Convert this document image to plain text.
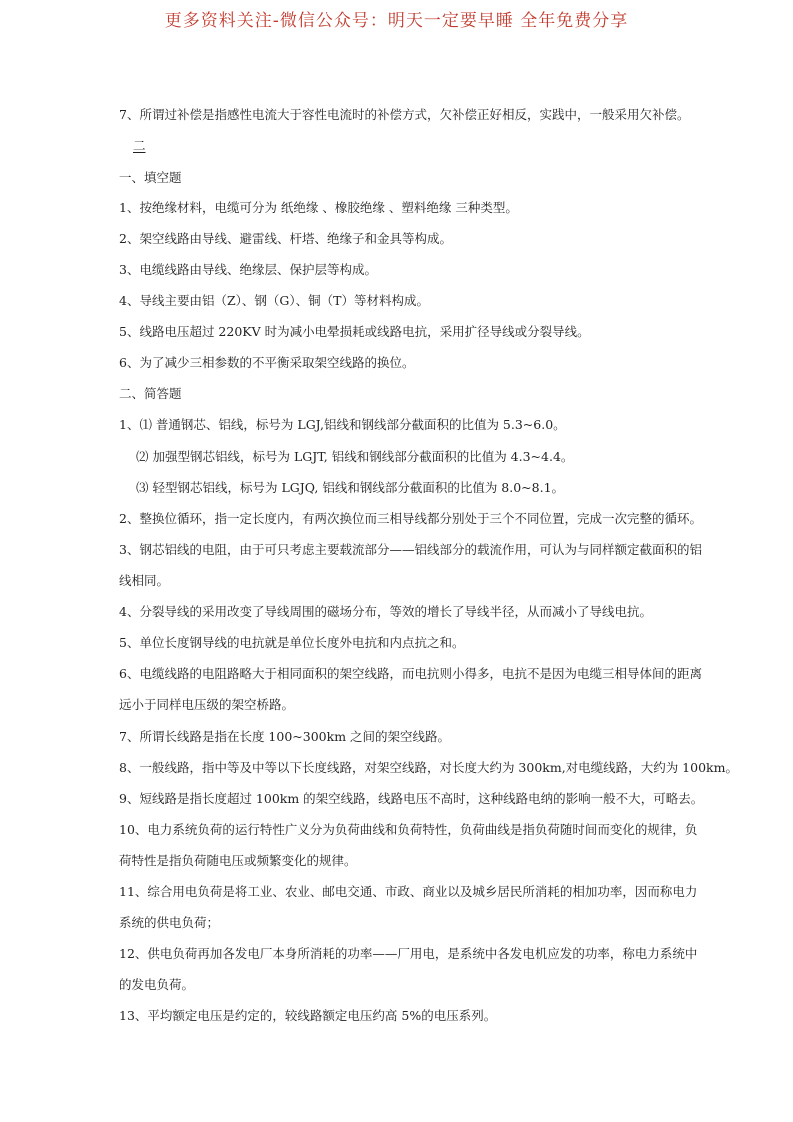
更多资料关注-微信公众号：明天一定要早睡 全年免费分享
7、所谓过补偿是指感性电流大于容性电流时的补偿方式，欠补偿正好相反，实践中，一般采用欠补偿。
二
一、填空题
1、按绝缘材料，电缆可分为 纸绝缘 、橡胶绝缘 、塑料绝缘 三种类型。
2、架空线路由导线、避雷线、杆塔、绝缘子和金具等构成。
3、电缆线路由导线、绝缘层、保护层等构成。
4、导线主要由铝（Z）、钢（G）、铜（T）等材料构成。
5、线路电压超过 220KV 时为减小电晕损耗或线路电抗，采用扩径导线或分裂导线。
6、为了减少三相参数的不平衡采取架空线路的换位。
二、简答题
1、⑴ 普通钢芯、铝线，标号为 LGJ,铝线和钢线部分截面积的比值为 5.3~6.0。
⑵ 加强型钢芯铝线，标号为 LGJT, 铝线和钢线部分截面积的比值为 4.3~4.4。
⑶ 轻型钢芯铝线，标号为 LGJQ, 铝线和钢线部分截面积的比值为 8.0~8.1。
2、整换位循环，指一定长度内，有两次换位而三相导线都分别处于三个不同位置，完成一次完整的循环。
3、钢芯铝线的电阻，由于可只考虑主要载流部分——铝线部分的载流作用，可认为与同样额定截面积的铝
线相同。
4、分裂导线的采用改变了导线周围的磁场分布，等效的增长了导线半径，从而减小了导线电抗。
5、单位长度钢导线的电抗就是单位长度外电抗和内点抗之和。
6、电缆线路的电阻路略大于相同面积的架空线路，而电抗则小得多，电抗不是因为电缆三相导体间的距离
远小于同样电压级的架空桥路。
7、所谓长线路是指在长度 100~300km 之间的架空线路。
8、一般线路，指中等及中等以下长度线路，对架空线路，对长度大约为 300km,对电缆线路，大约为 100km。
9、短线路是指长度超过 100km 的架空线路，线路电压不高时，这种线路电纳的影响一般不大，可略去。
10、电力系统负荷的运行特性广义分为负荷曲线和负荷特性，负荷曲线是指负荷随时间而变化的规律，负
荷特性是指负荷随电压或频繁变化的规律。
11、综合用电负荷是将工业、农业、邮电交通、市政、商业以及城乡居民所消耗的相加功率，因而称电力
系统的供电负荷；
12、供电负荷再加各发电厂本身所消耗的功率——厂用电，是系统中各发电机应发的功率，称电力系统中
的发电负荷。
13、平均额定电压是约定的，较线路额定电压约高 5%的电压系列。
